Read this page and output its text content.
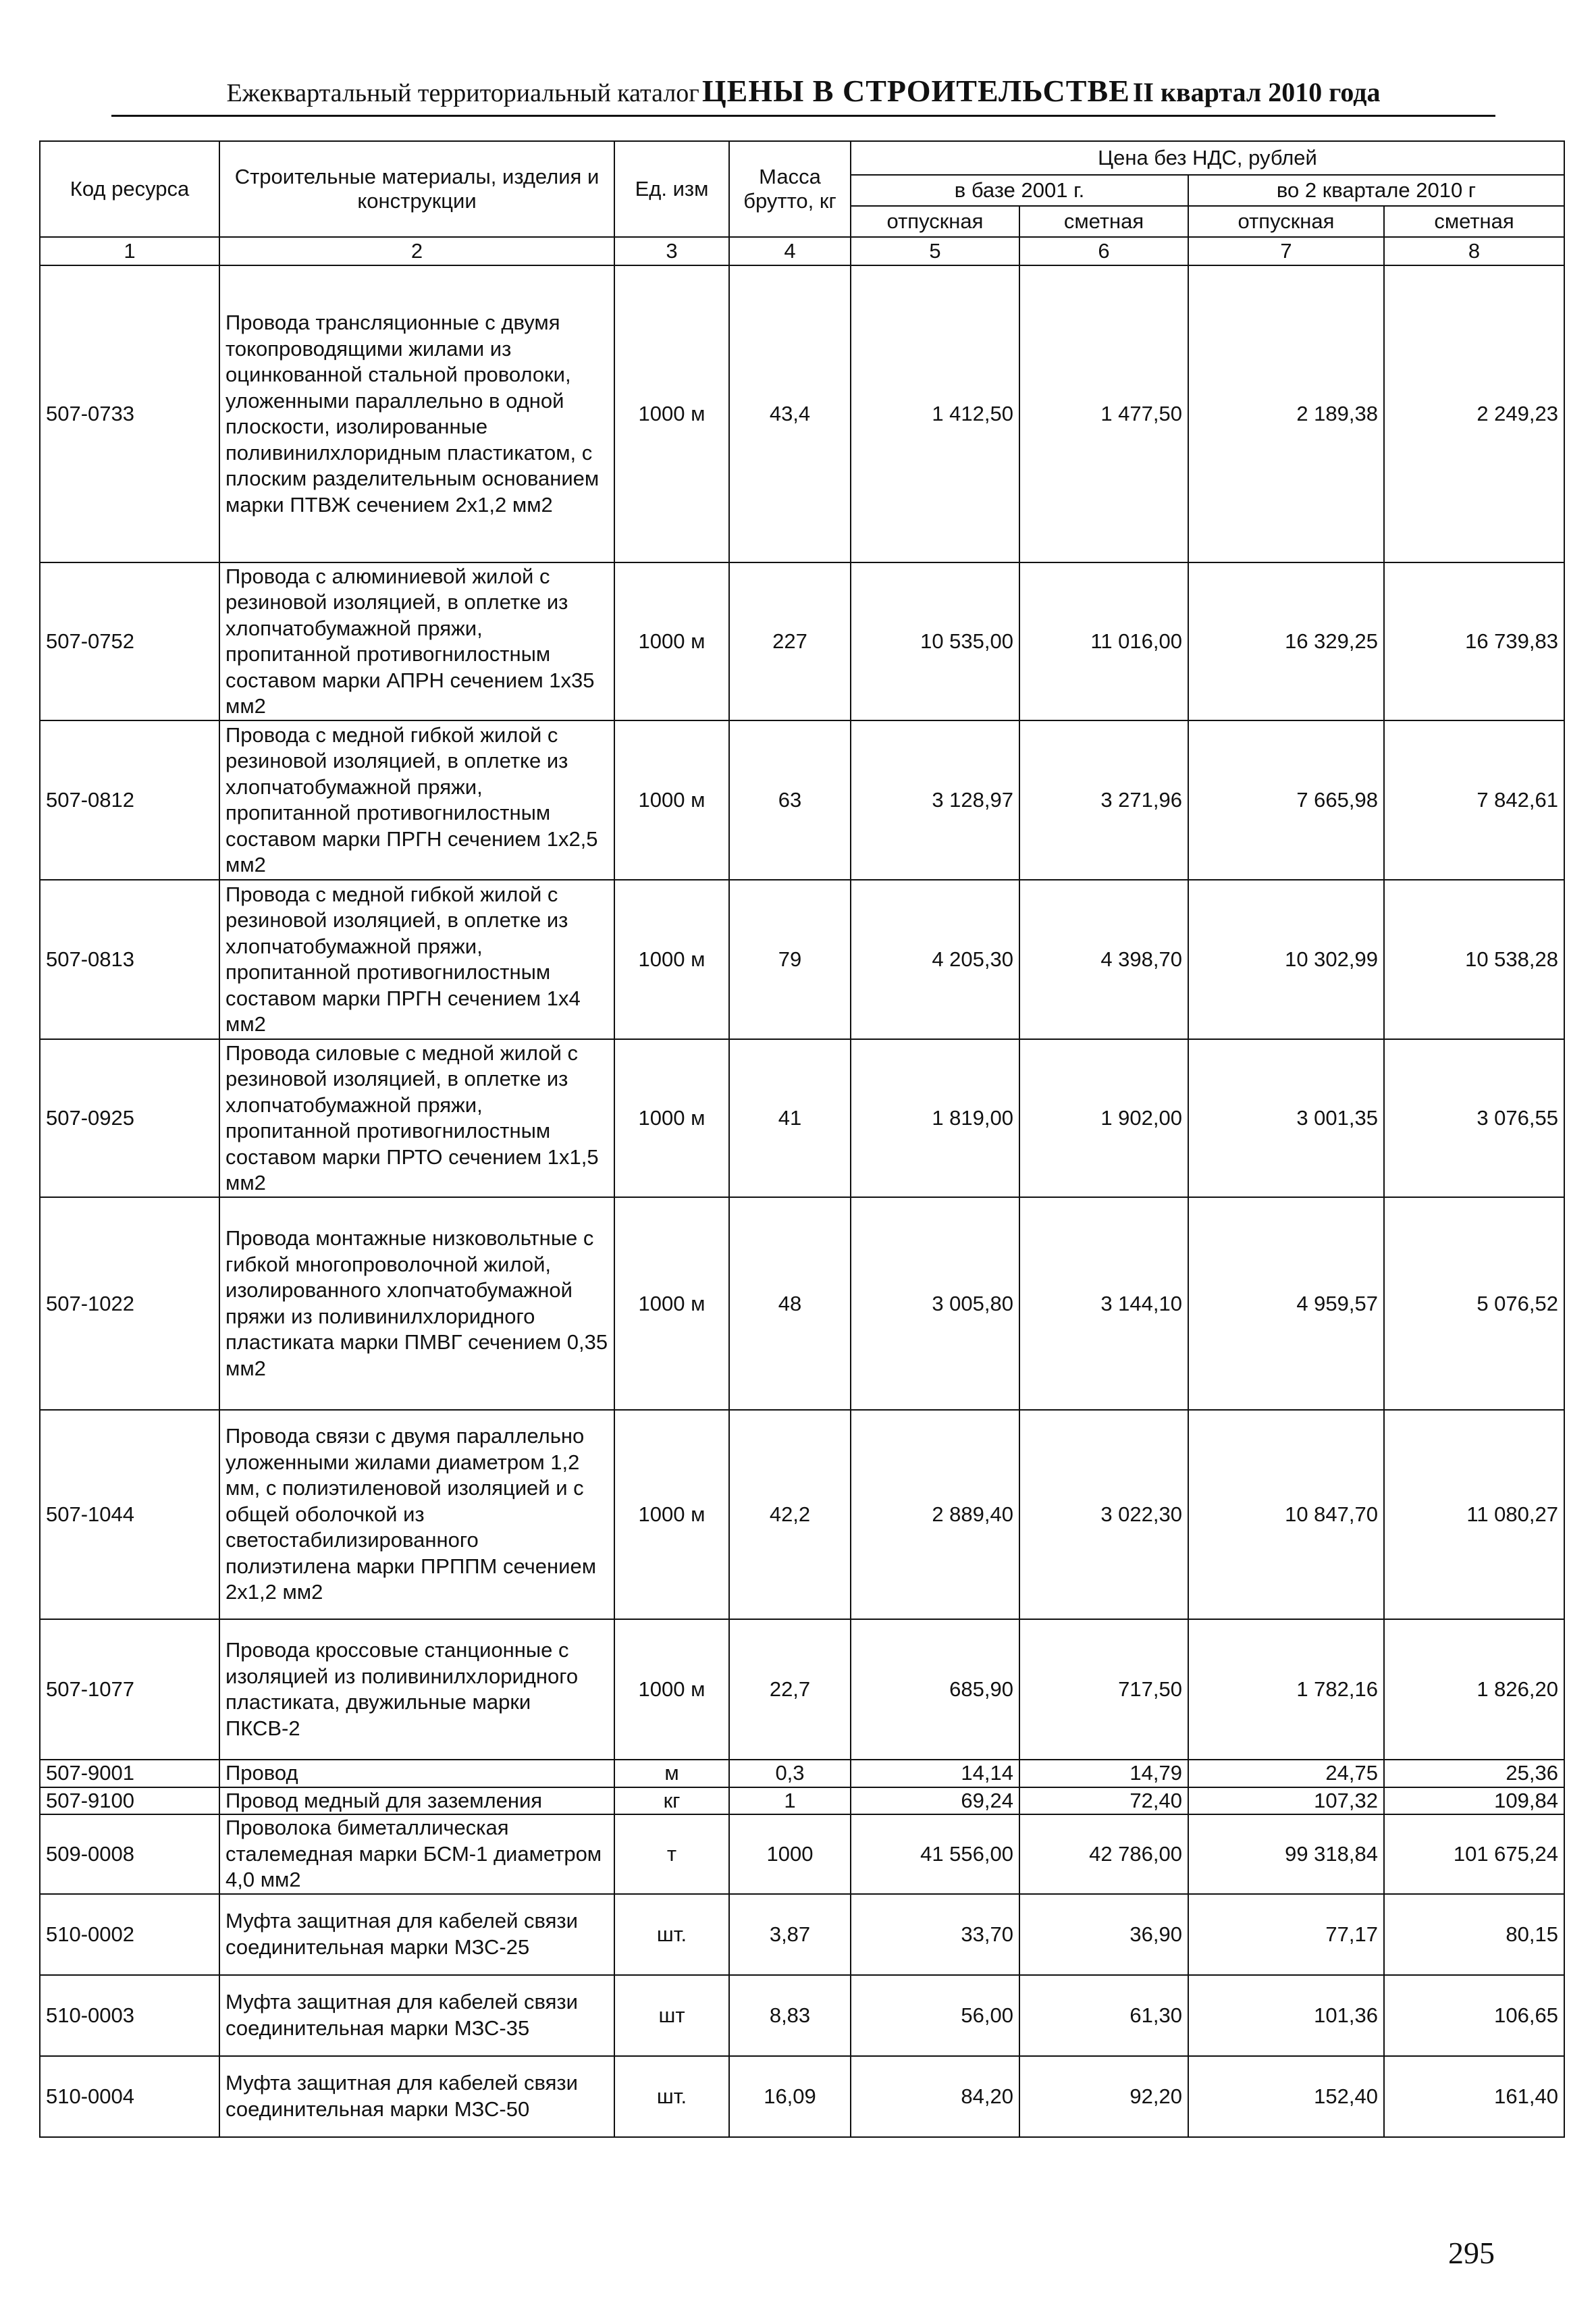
Ежеквартальный территориальный каталог ЦЕНЫ В СТРОИТЕЛЬСТВЕ II квартал 2010 года
Код ресурса	Строительные материалы, изделия и конструкции	Ед. изм	Масса брутто, кг	Цена без НДС, рублей			
				в базе 2001 г.		во 2 квартале 2010 г	
				отпускная	сметная	отпускная	сметная
1	2	3	4	5	6	7	8
507-0733	Провода трансляционные с двумя токопроводящими жилами из оцинкованной стальной проволоки, уложенными параллельно в одной плоскости, изолированные поливинилхлоридным пластикатом, с плоским разделительным основанием марки ПТВЖ сечением 2х1,2 мм2	1000 м	43,4	1 412,50	1 477,50	2 189,38	2 249,23
507-0752	Провода с алюминиевой жилой с резиновой изоляцией, в оплетке из хлопчатобумажной пряжи, пропитанной противогнилостным составом марки АПРН сечением 1х35 мм2	1000 м	227	10 535,00	11 016,00	16 329,25	16 739,83
507-0812	Провода с медной гибкой жилой с резиновой изоляцией, в оплетке из хлопчатобумажной пряжи, пропитанной противогнилостным составом марки ПРГН сечением 1х2,5 мм2	1000 м	63	3 128,97	3 271,96	7 665,98	7 842,61
507-0813	Провода с медной гибкой жилой с резиновой изоляцией, в оплетке из хлопчатобумажной пряжи, пропитанной противогнилостным составом марки ПРГН сечением 1х4 мм2	1000 м	79	4 205,30	4 398,70	10 302,99	10 538,28
507-0925	Провода силовые с медной жилой с резиновой изоляцией, в оплетке из хлопчатобумажной пряжи, пропитанной противогнилостным составом марки ПРТО сечением 1х1,5 мм2	1000 м	41	1 819,00	1 902,00	3 001,35	3 076,55
507-1022	Провода монтажные низковольтные с гибкой многопроволочной жилой, изолированного хлопчатобумажной пряжи из поливинилхлоридного пластиката марки ПМВГ сечением 0,35 мм2	1000 м	48	3 005,80	3 144,10	4 959,57	5 076,52
507-1044	Провода связи с двумя параллельно уложенными жилами диаметром 1,2 мм, с полиэтиленовой изоляцией и с общей оболочкой из светостабилизированного полиэтилена марки ПРППМ сечением 2х1,2 мм2	1000 м	42,2	2 889,40	3 022,30	10 847,70	11 080,27
507-1077	Провода кроссовые станционные с изоляцией из поливинилхлоридного пластиката, двужильные марки ПКСВ-2	1000 м	22,7	685,90	717,50	1 782,16	1 826,20
507-9001	Провод	м	0,3	14,14	14,79	24,75	25,36
507-9100	Провод медный для заземления	кг	1	69,24	72,40	107,32	109,84
509-0008	Проволока биметаллическая сталемедная марки БСМ-1 диаметром 4,0 мм2	т	1000	41 556,00	42 786,00	99 318,84	101 675,24
510-0002	Муфта защитная для кабелей связи соединительная марки МЗС-25	шт.	3,87	33,70	36,90	77,17	80,15
510-0003	Муфта защитная для кабелей связи соединительная марки МЗС-35	шт	8,83	56,00	61,30	101,36	106,65
510-0004	Муфта защитная для кабелей связи соединительная марки МЗС-50	шт.	16,09	84,20	92,20	152,40	161,40
295
